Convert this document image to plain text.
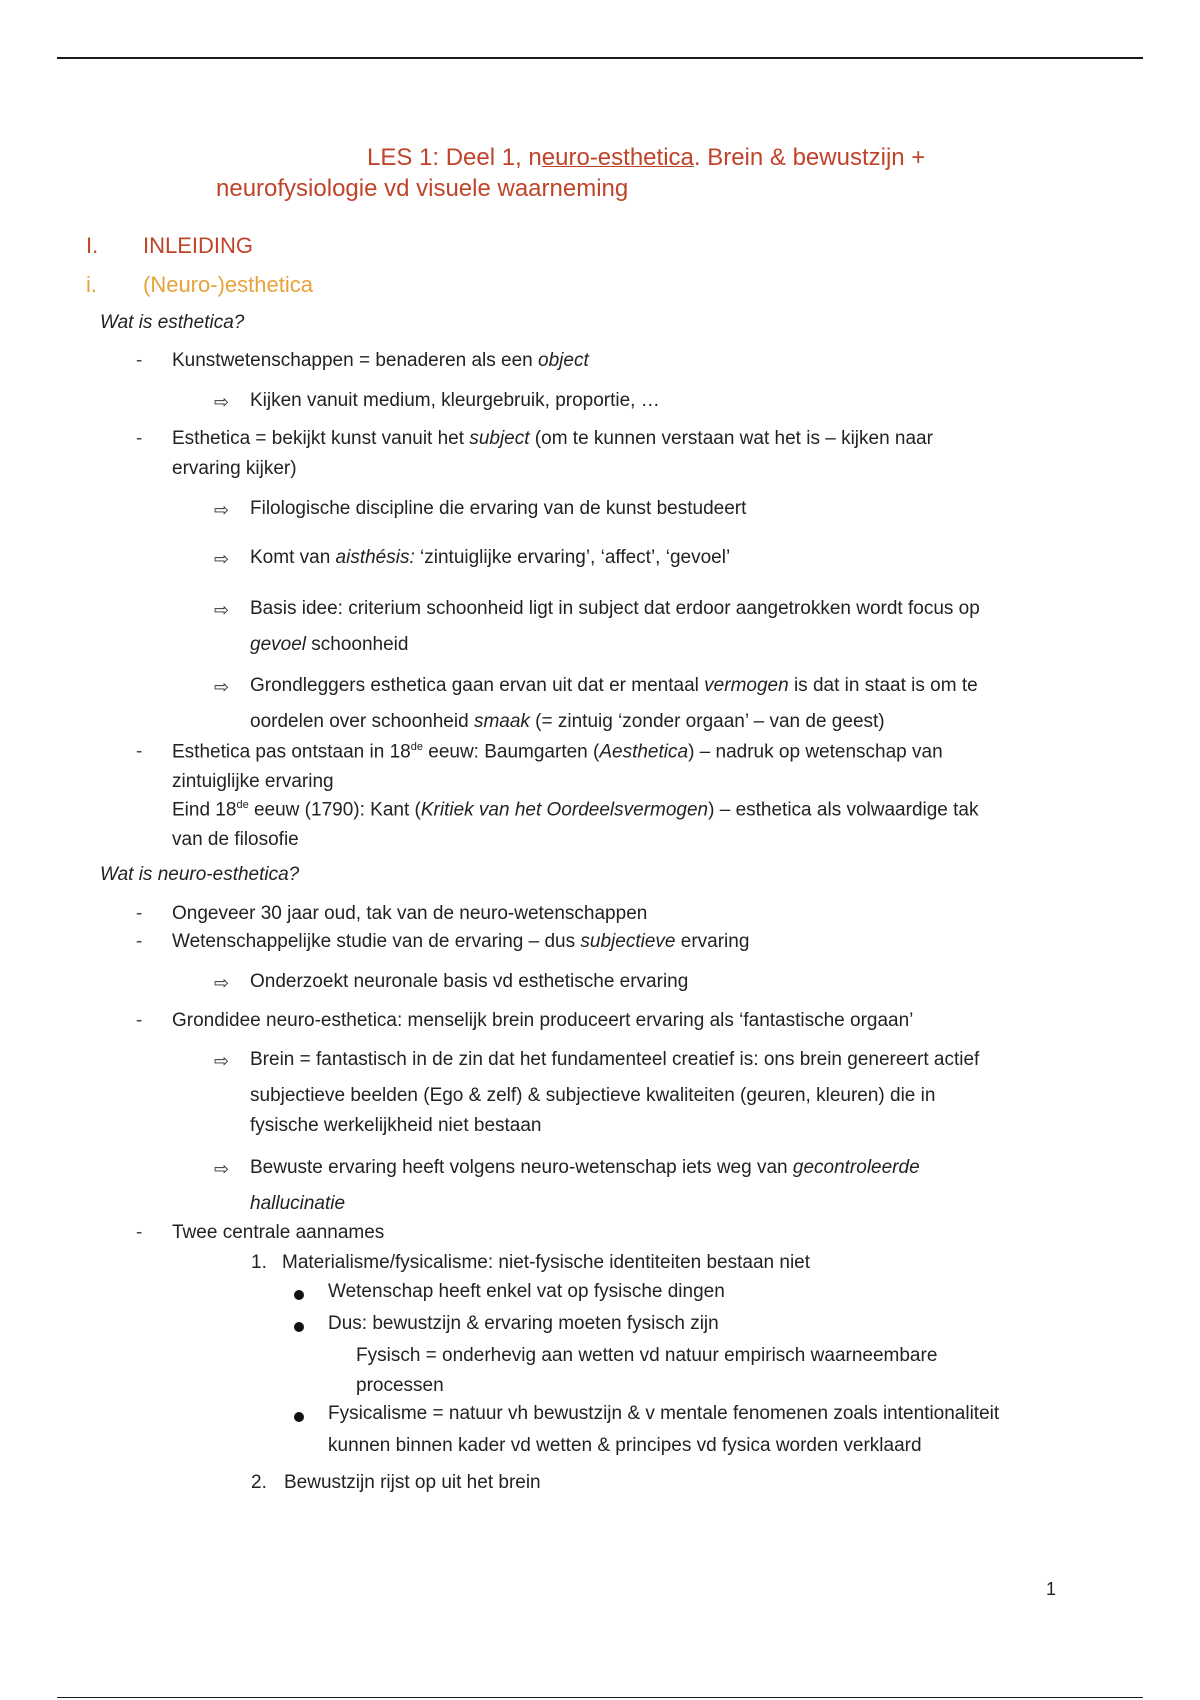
LES 1: Deel 1, neuro-esthetica. Brein & bewustzijn +
neurofysiologie vd visuele waarneming
I. INLEIDING
i. (Neuro-)esthetica
Wat is esthetica?
- Kunstwetenschappen = benaderen als een object
⇨ Kijken vanuit medium, kleurgebruik, proportie, …
- Esthetica = bekijkt kunst vanuit het subject (om te kunnen verstaan wat het is – kijken naar
ervaring kijker)
⇨ Filologische discipline die ervaring van de kunst bestudeert
⇨ Komt van aisthésis: ‘zintuiglijke ervaring’, ‘affect’, ‘gevoel’
⇨ Basis idee: criterium schoonheid ligt in subject dat erdoor aangetrokken wordt focus op
gevoel schoonheid
⇨ Grondleggers esthetica gaan ervan uit dat er mentaal vermogen is dat in staat is om te
oordelen over schoonheid smaak (= zintuig ‘zonder orgaan’ – van de geest)
- Esthetica pas ontstaan in 18de eeuw: Baumgarten (Aesthetica) – nadruk op wetenschap van
zintuiglijke ervaring
Eind 18de eeuw (1790): Kant (Kritiek van het Oordeelsvermogen) – esthetica als volwaardige tak
van de filosofie
Wat is neuro-esthetica?
- Ongeveer 30 jaar oud, tak van de neuro-wetenschappen
- Wetenschappelijke studie van de ervaring – dus subjectieve ervaring
⇨ Onderzoekt neuronale basis vd esthetische ervaring
- Grondidee neuro-esthetica: menselijk brein produceert ervaring als ‘fantastische orgaan’
⇨ Brein = fantastisch in de zin dat het fundamenteel creatief is: ons brein genereert actief
subjectieve beelden (Ego & zelf) & subjectieve kwaliteiten (geuren, kleuren) die in
fysische werkelijkheid niet bestaan
⇨ Bewuste ervaring heeft volgens neuro-wetenschap iets weg van gecontroleerde
hallucinatie
- Twee centrale aannames
1. Materialisme/fysicalisme: niet-fysische identiteiten bestaan niet
Wetenschap heeft enkel vat op fysische dingen
Dus: bewustzijn & ervaring moeten fysisch zijn
Fysisch = onderhevig aan wetten vd natuur empirisch waarneembare
processen
Fysicalisme = natuur vh bewustzijn & v mentale fenomenen zoals intentionaliteit
kunnen binnen kader vd wetten & principes vd fysica worden verklaard
2. Bewustzijn rijst op uit het brein
1
